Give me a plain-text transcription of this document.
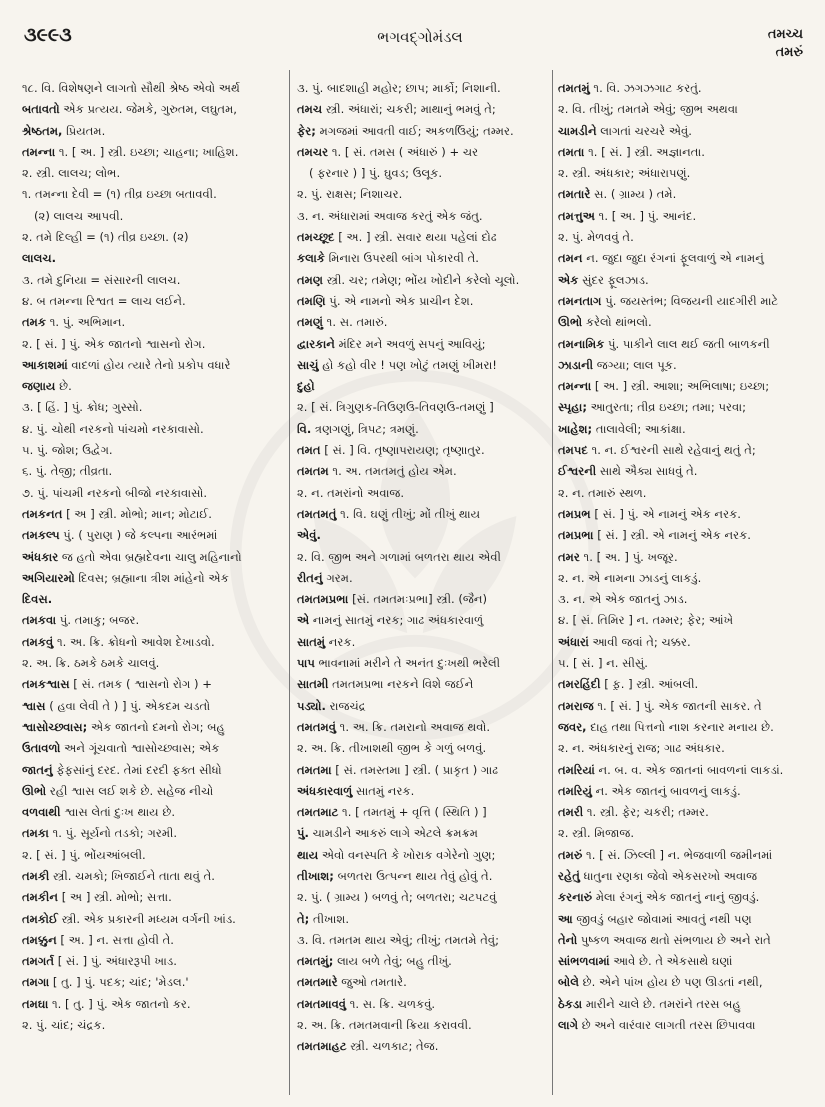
૩૯૯૩	ભગવદ્ગોમંડલ	તમચ્ચ
તમરું
૧૮. વિ. વિશેષણને લાગતો સૌથી શ્રેષ્ઠ એવો અર્થ
બતાવતો એક પ્રત્યય. જેમકે, ગુરુતમ, લઘુતમ,
શ્રેષ્ઠતમ, પ્રિયતમ.
તમન્ના ૧. [ અ. ] સ્ત્રી. ઇચ્છા; ચાહના; ખાહિશ.
૨. સ્ત્રી. લાલચ; લોભ.
૧. તમન્ના દેવી = (૧) તીવ્ર ઇચ્છા બતાવવી.
(૨) લાલચ આપવી.
૨. તમે દિલ્હી = (૧) તીવ્ર ઇચ્છા. (૨)
લાલચ.
૩. તમે દુનિયા = સંસારની લાલચ.
૪. બ તમન્ના રિશ્વત = લાચ લઈને.
તમક ૧. પું. અભિમાન.
૨. [ સં. ] પું. એક જાતનો શ્વાસનો રોગ.
આકાશમાં વાદળાં હોય ત્યારે તેનો પ્રકોપ વધારે
જણાય છે.
૩. [ હિં. ] પું. ક્રોધ; ગુસ્સો.
૪. પું. ચોથી નરકનો પાંચમો નરકાવાસો.
૫. પું. જોશ; ઉદ્વેગ.
૬. પું. તેજી; તીવ્રતા.
૭. પું. પાંચમી નરકનો બીજો નરકાવાસો.
તમકનત [ અ ] સ્ત્રી. મોભો; માન; મોટાઈ.
તમકલ્પ પું. ( પુરાણ ) જે કલ્પના આરંભમાં
અંધકાર જ હતો એવા બ્રહ્મદેવના ચાલુ મહિનાનો
અગિયારમો દિવસ; બ્રહ્માના ત્રીશ માંહેનો એક
દિવસ.
તમકવા પું. તમાકુ; બજર.
તમકવું ૧. અ. ક્રિ. ક્રોધનો આવેશ દેખાડવો.
૨. અ. ક્રિ. ઠમકે ઠમકે ચાલવું.
તમકશ્વાસ [ સં. તમક ( શ્વાસનો રોગ ) +
શ્વાસ ( હવા લેવી તે ) ] પું. એકદમ ચડતો
શ્વાસોચ્છ્વાસ; એક જાતનો દમનો રોગ; બહુ
ઉતાવળો અને ગૂંચવાતો શ્વાસોચ્છ્વાસ; એક
જાતનું ફેફસાંનું દરદ. તેમાં દરદી ફક્ત સીધો
ઊભો રહી શ્વાસ લઈ શકે છે. સહેજ નીચો
વળવાથી શ્વાસ લેતાં દુઃખ થાય છે.
તમકા ૧. પું. સૂર્યનો તડકો; ગરમી.
૨. [ સં. ] પું. ભોંયઆંબલી.
તમકી સ્ત્રી. ચમકો; ખિજાઈને તાતા થવું તે.
તમકીન [ અ ] સ્ત્રી. મોભો; સત્તા.
તમકોઈ સ્ત્રી. એક પ્રકારની મધ્યમ વર્ગની ખાંડ.
તમક્કુન [ અ. ] ન. સત્તા હોવી તે.
તમગર્ત [ સં. ] પું. અંધારરૂપી ખાડ.
તમગા [ તુ. ] પું. પદક; ચાંદ; 'મેડલ.'
તમઘા ૧. [ તુ. ] પું. એક જાતનો કર.
૨. પું. ચાંદ; ચંદ્રક.
૩. પું. બાદશાહી મહોર; છાપ; માર્કો; નિશાની.
તમચ સ્ત્રી. અંધારાં; ચકરી; માથાનું ભમવું તે;
ફેર; મગજમાં આવતી વાઈ; અકળઉિયું; તમ્મર.
તમચર ૧. [ સં. તમસ ( અંધારું ) + ચર
( ફરનાર ) ] પું. ઘુવડ; ઉલૂક.
૨. પું. રાક્ષસ; નિશાચર.
૩. ન. અંધારામાં અવાજ કરતું એક જંતુ.
તમચ્છૂદ [ અ. ] સ્ત્રી. સવાર થયા પહેલાં દોઢ
કલાકે મિનારા ઉપરથી બાંગ પોકારવી તે.
તમણ સ્ત્રી. ચર; તમેણ; ભોંય ખોદીને કરેલો ચૂલો.
તમણિ પું. એ નામનો એક પ્રાચીન દેશ.
તમણું ૧. સ. તમારું.
દ્વારકાને મંદિર મને અવળું સપનું આવિયું;
સાચું હો કહો વીર ! પણ ખોટું તમણું ખીમરા!
દુહો
૨. [ સં. ત્રિગુણક-તિઉણઉ-તિવણઉ-તમણું ]
વિ. ત્રણગણું, ત્રિપટ; ત્રમણું.
તમત [ સં. ] વિ. તૃષ્ણાપરાયણ; તૃષ્ણાતુર.
તમતમ ૧. અ. તમતમતું હોય એમ.
૨. ન. તમરાંનો અવાજ.
તમતમતું ૧. વિ. ઘણું તીખું; મોં તીખું થાય
એવું.
૨. વિ. જીભ અને ગળામાં બળતરા થાય એવી
રીતનું ગરમ.
તમતમપ્રભા [સં. તમતમઃપ્રભા] સ્ત્રી. (જૈન)
એ નામનું સાતમું નરક; ગાઢ અંધકારવાળું
સાતમું નરક.
પાપ ભાવનામાં મરીને તે અનંત દુઃખથી ભરેલી
સાતમી તમતમપ્રભા નરકને વિશે જઈને
પડ્યો. રાજચંદ્ર
તમતમવું ૧. અ. ક્રિ. તમરાનો અવાજ થવો.
૨. અ. ક્રિ. તીખાશથી જીભ કે ગળું બળવું.
તમતમા [ સં. તમસ્તમા ] સ્ત્રી. ( પ્રાકૃત ) ગાઢ
અંધકારવાળું સાતમું નરક.
તમતમાટ ૧. [ તમતમું + વૃત્તિ ( સ્થિતિ ) ]
પું. ચામડીને આકરું લાગે એટલે ક્રમક્રમ
થાય એવો વનસ્પતિ કે ખોરાક વગેરેનો ગુણ;
તીખાશ; બળતરા ઉત્પન્ન થાય તેવું હોવું તે.
૨. પું. ( ગ્રામ્ય ) બળવું તે; બળતરા; ચટપટવું
તે; તીખાશ.
૩. વિ. તમતમ થાય એવું; તીખું; તમતમે તેવું;
તમતમું; લાય બળે તેવું; બહુ તીખું.
તમતમારે જુઓ તમતારે.
તમતમાવવું ૧. સ. ક્રિ. ચળકવું.
૨. અ. ક્રિ. તમતમવાની ક્રિયા કરાવવી.
તમતમાહટ સ્ત્રી. ચળકાટ; તેજ.
તમતમું ૧. વિ. ઝગઝગાટ કરતું.
૨. વિ. તીખું; તમતમે એવું; જીભ અથવા
ચામડીને લાગતાં ચરચરે એવું.
તમતા ૧. [ સં. ] સ્ત્રી. અજ્ઞાનતા.
૨. સ્ત્રી. અંધકાર; અંધારાપણું.
તમતારે સ. ( ગ્રામ્ય ) તમે.
તમત્તુઅ ૧. [ અ. ] પું. આનંદ.
૨. પું. મેળવવું તે.
તમન ન. જુદા જુદા રંગનાં ફૂલવાળું એ નામનું
એક સુંદર ફૂલઝાડ.
તમનતાગ પું. જયસ્તંભ; વિજયની યાદગીરી માટે
ઊભો કરેલો થાંભલો.
તમનામિક પું. પાકીને લાલ થઈ જતી બાળકની
ઝાડાની જગ્યા; લાલ પૂક.
તમન્ના [ અ. ] સ્ત્રી. આશા; અભિલાષા; ઇચ્છા;
સ્પૃહા; આતુરતા; તીવ્ર ઇચ્છા; તમા; પરવા;
ખાહેશ; તાલાવેલી; આકાંક્ષા.
તમપદ ૧. ન. ઈશ્વરની સાથે રહેવાનું થતું તે;
ઈશ્વરની સાથે ઐક્ય સાધવું તે.
૨. ન. તમારું સ્થળ.
તમપ્રભ [ સં. ] પું. એ નામનું એક નરક.
તમપ્રભા [ સં. ] સ્ત્રી. એ નામનું એક નરક.
તમર ૧. [ અ. ] પું. ખજૂર.
૨. ન. એ નામના ઝાડનું લાકડું.
૩. ન. એ એક જાતનું ઝાડ.
૪. [ સં. તિમિર ] ન. તમ્મર; ફેર; આંખે
અંધારાં આવી જવાં તે; ચક્કર.
૫. [ સં. ] ન. સીસું.
તમરહિંદી [ ફ઼. ] સ્ત્રી. આંબલી.
તમરાજ ૧. [ સં. ] પું. એક જાતની સાકર. તે
જવર, દાહ તથા પિત્તનો નાશ કરનાર મનાય છે.
૨. ન. અંધકારનું રાજ; ગાઢ અંધકાર.
તમરિયાં ન. બ. વ. એક જાતનાં બાવળનાં લાકડાં.
તમરિયું ન. એક જાતનું બાવળનું લાકડું.
તમરી ૧. સ્ત્રી. ફેર; ચકરી; તમ્મર.
૨. સ્ત્રી. મિજાજ.
તમરું ૧. [ સં. ઝિલ્લી ] ન. ભેજવાળી જમીનમાં
રહેતું ધાતુના રણકા જેવો એકસરખો અવાજ
કરનારું મેલા રંગનું એક જાતનું નાનું જીવડું.
આ જીવડું બહાર જોવામાં આવતું નથી પણ
તેનો પુષ્કળ અવાજ થતો સંભળાય છે અને રાતે
સાંભળવામાં આવે છે. તે એકસાથે ઘણાં
બોલે છે. એને પાંખ હોય છે પણ ઊડતાં નથી,
ઠેકડા મારીને ચાલે છે. તમરાંને તરસ બહુ
લાગે છે અને વારંવાર લાગતી તરસ છિપાવવા
